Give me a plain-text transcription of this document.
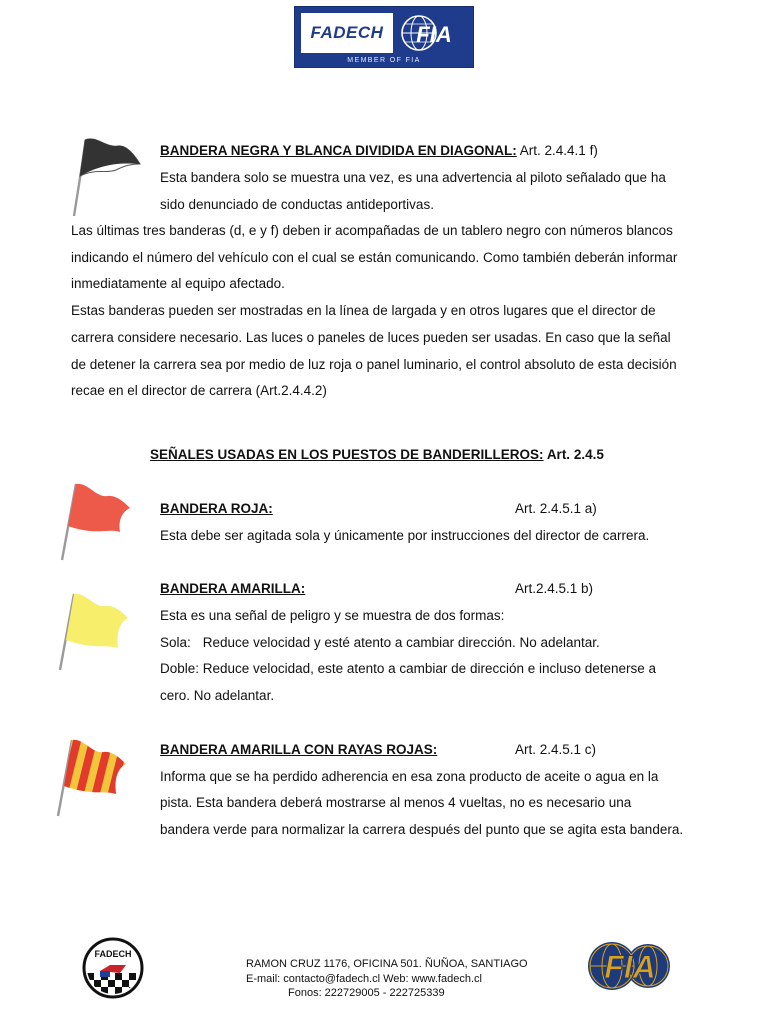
FADECH FIA
MEMBER OF FIA
BANDERA NEGRA Y BLANCA DIVIDIDA EN DIAGONAL: Art. 2.4.4.1 f)
Esta bandera solo se muestra una vez, es una advertencia al piloto señalado que ha
sido denunciado de conductas antideportivas.
Las últimas tres banderas (d, e y f) deben ir acompañadas de un tablero negro con números blancos
indicando el número del vehículo con el cual se están comunicando. Como también deberán informar
inmediatamente al equipo afectado.
Estas banderas pueden ser mostradas en la línea de largada y en otros lugares que el director de
carrera considere necesario. Las luces o paneles de luces pueden ser usadas. En caso que la señal
de detener la carrera sea por medio de luz roja o panel luminario, el control absoluto de esta decisión
recae en el director de carrera (Art.2.4.4.2)
SEÑALES USADAS EN LOS PUESTOS DE BANDERILLEROS: Art. 2.4.5
BANDERA ROJA:	Art. 2.4.5.1 a)
Esta debe ser agitada sola y únicamente por instrucciones del director de carrera.
BANDERA AMARILLA:	Art.2.4.5.1 b)
Esta es una señal de peligro y se muestra de dos formas:
Sola: Reduce velocidad y esté atento a cambiar dirección. No adelantar.
Doble: Reduce velocidad, este atento a cambiar de dirección e incluso detenerse a
cero. No adelantar.
BANDERA AMARILLA CON RAYAS ROJAS:	Art. 2.4.5.1 c)
Informa que se ha perdido adherencia en esa zona producto de aceite o agua en la
pista. Esta bandera deberá mostrarse al menos 4 vueltas, no es necesario una
bandera verde para normalizar la carrera después del punto que se agita esta bandera.
FADECH
RAMON CRUZ 1176, OFICINA 501. ÑUÑOA, SANTIAGO
E-mail: contacto@fadech.cl Web: www.fadech.cl
Fonos: 222729005 - 222725339
FIA
